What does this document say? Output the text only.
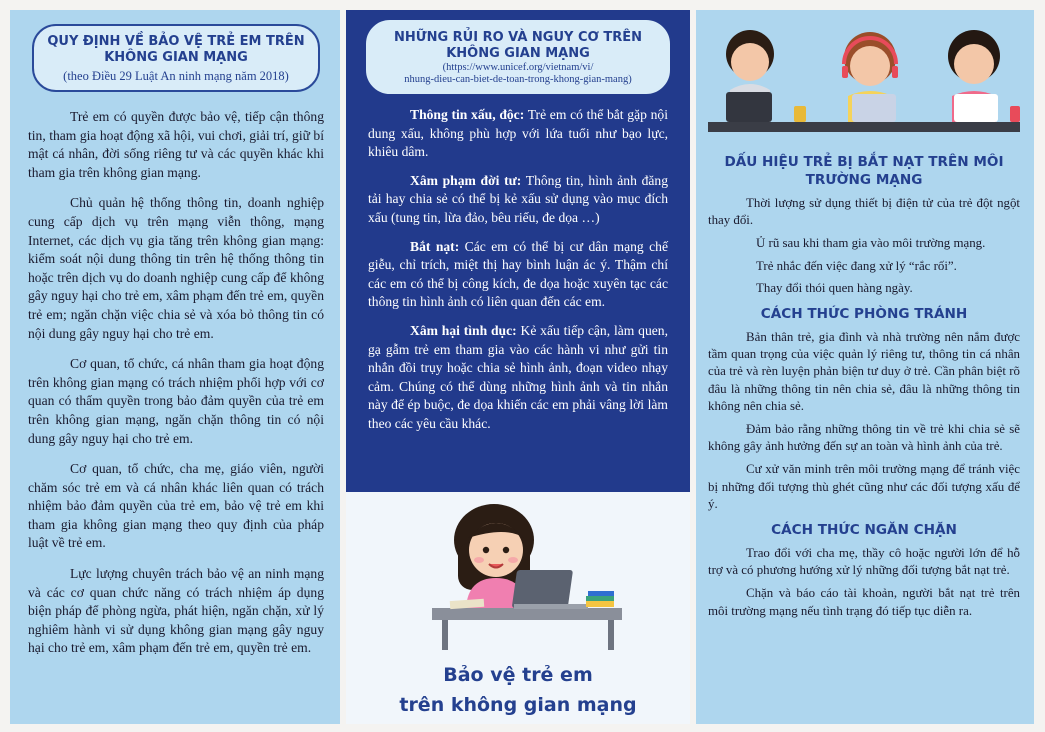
QUY ĐỊNH VỀ BẢO VỆ TRẺ EM TRÊN KHÔNG GIAN MẠNG
(theo Điều 29 Luật An ninh mạng năm 2018)

Trẻ em có quyền được bảo vệ, tiếp cận thông tin, tham gia hoạt động xã hội, vui chơi, giải trí, giữ bí mật cá nhân, đời sống riêng tư và các quyền khác khi tham gia trên không gian mạng.

Chủ quản hệ thống thông tin, doanh nghiệp cung cấp dịch vụ trên mạng viễn thông, mạng Internet, các dịch vụ gia tăng trên không gian mạng: kiểm soát nội dung thông tin trên hệ thống thông tin hoặc trên dịch vụ do doanh nghiệp cung cấp để không gây nguy hại cho trẻ em, xâm phạm đến trẻ em, quyền trẻ em; ngăn chặn việc chia sẻ và xóa bỏ thông tin có nội dung gây nguy hại cho trẻ em.

Cơ quan, tổ chức, cá nhân tham gia hoạt động trên không gian mạng có trách nhiệm phối hợp với cơ quan có thẩm quyền trong bảo đảm quyền của trẻ em trên không gian mạng, ngăn chặn thông tin có nội dung gây nguy hại cho trẻ em.

Cơ quan, tổ chức, cha mẹ, giáo viên, người chăm sóc trẻ em và cá nhân khác liên quan có trách nhiệm bảo đảm quyền của trẻ em, bảo vệ trẻ em khi tham gia không gian mạng theo quy định của pháp luật về trẻ em.

Lực lượng chuyên trách bảo vệ an ninh mạng và các cơ quan chức năng có trách nhiệm áp dụng biện pháp để phòng ngừa, phát hiện, ngăn chặn, xử lý nghiêm hành vi sử dụng không gian mạng gây nguy hại cho trẻ em, xâm phạm đến trẻ em, quyền trẻ em.

NHỮNG RỦI RO VÀ NGUY CƠ TRÊN KHÔNG GIAN MẠNG
(https://www.unicef.org/vietnam/vi/
nhung-dieu-can-biet-de-toan-trong-khong-gian-mang)

Thông tin xấu, độc: Trẻ em có thể bắt gặp nội dung xấu, không phù hợp với lứa tuổi như bạo lực, khiêu dâm.

Xâm phạm đời tư: Thông tin, hình ảnh đăng tải hay chia sẻ có thể bị kẻ xấu sử dụng vào mục đích xấu (tung tin, lừa đảo, bêu riếu, đe dọa …)

Bắt nạt: Các em có thể bị cư dân mạng chế giễu, chỉ trích, miệt thị hay bình luận ác ý. Thậm chí các em có thể bị công kích, đe dọa hoặc xuyên tạc các thông tin hình ảnh có liên quan đến các em.

Xâm hại tình dục: Kẻ xấu tiếp cận, làm quen, gạ gẫm trẻ em tham gia vào các hành vi như gửi tin nhắn đồi trụy hoặc chia sẻ hình ảnh, đoạn video nhạy cảm. Chúng có thể dùng những hình ảnh và tin nhắn này để ép buộc, đe dọa khiến các em phải vâng lời làm theo các yêu cầu khác.

Bảo vệ trẻ em
trên không gian mạng
DẤU HIỆU TRẺ BỊ BẮT NẠT TRÊN MÔI TRƯỜNG MẠNG

Thời lượng sử dụng thiết bị điện tử của trẻ đột ngột thay đổi.

Ủ rũ sau khi tham gia vào môi trường mạng.
Trẻ nhắc đến việc đang xử lý “rắc rối”.
Thay đổi thói quen hàng ngày.
CÁCH THỨC PHÒNG TRÁNH

Bản thân trẻ, gia đình và nhà trường nên nắm được tầm quan trọng của việc quản lý riêng tư, thông tin cá nhân của trẻ và rèn luyện phản biện tư duy ở trẻ. Cần phân biệt rõ đâu là những thông tin nên chia sẻ, đâu là những thông tin không nên chia sẻ.

Đảm bảo rằng những thông tin về trẻ khi chia sẻ sẽ không gây ảnh hưởng đến sự an toàn và hình ảnh của trẻ.

Cư xử văn minh trên môi trường mạng để tránh việc bị những đối tượng thù ghét cũng như các đối tượng xấu để ý.

CÁCH THỨC NGĂN CHẶN

Trao đổi với cha mẹ, thầy cô hoặc người lớn để hỗ trợ và có phương hướng xử lý những đối tượng bắt nạt trẻ.

Chặn và báo cáo tài khoản, người bắt nạt trẻ trên môi trường mạng nếu tình trạng đó tiếp tục diễn ra.
